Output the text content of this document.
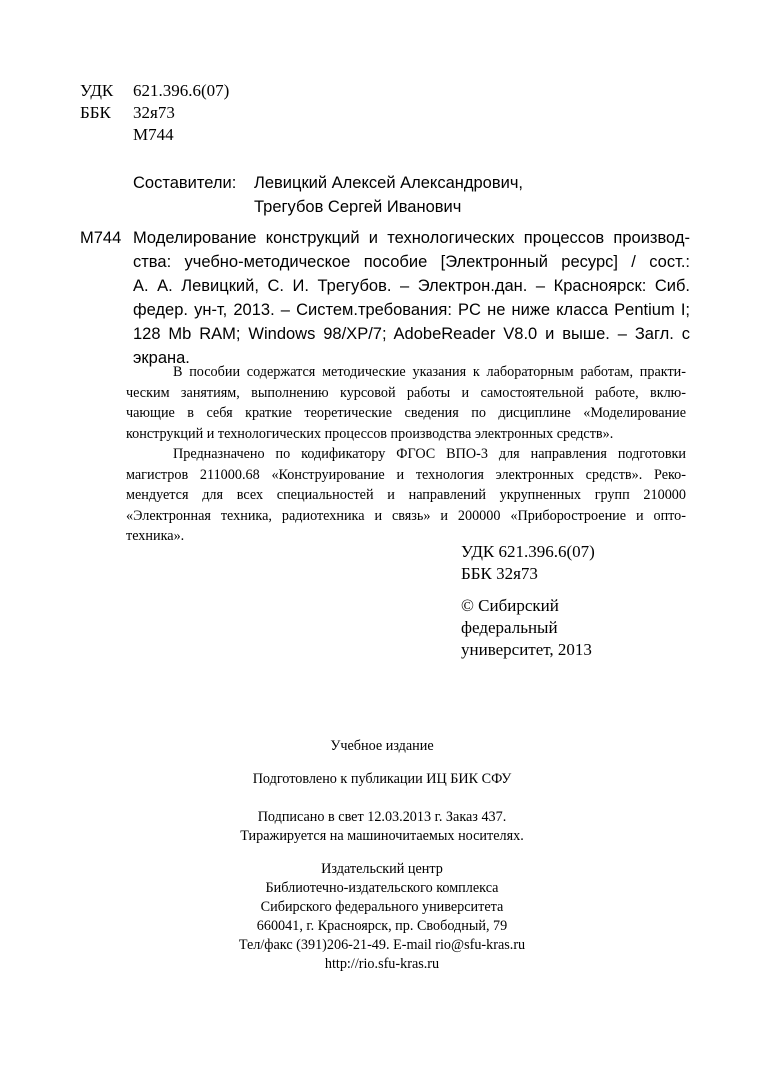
УДК 621.396.6(07)
ББК 32я73
М744
Составители: Левицкий Алексей Александрович,
Трегубов Сергей Иванович
М744 Моделирование конструкций и технологических процессов производ-
ства: учебно-методическое пособие [Электронный ресурс] / сост.:
А. А. Левицкий, С. И. Трегубов. – Электрон.дан. – Красноярск: Сиб.
федер. ун-т, 2013. – Систем.требования: PC не ниже класса Pentium I;
128 Mb RAM; Windows 98/XP/7; AdobeReader V8.0 и выше. – Загл. с
экрана.
В пособии содержатся методические указания к лабораторным работам, практи-
ческим занятиям, выполнению курсовой работы и самостоятельной работе, вклю-
чающие в себя краткие теоретические сведения по дисциплине «Моделирование
конструкций и технологических процессов производства электронных средств».
Предназначено по кодификатору ФГОС ВПО-3 для направления подготовки
магистров 211000.68 «Конструирование и технология электронных средств». Реко-
мендуется для всех специальностей и направлений укрупненных групп 210000
«Электронная техника, радиотехника и связь» и 200000 «Приборостроение и опто-
техника».
УДК 621.396.6(07)
ББК 32я73
© Сибирский
федеральный
университет, 2013
Учебное издание
Подготовлено к публикации ИЦ БИК СФУ
Подписано в свет 12.03.2013 г. Заказ 437.
Тиражируется на машиночитаемых носителях.
Издательский центр
Библиотечно-издательского комплекса
Сибирского федерального университета
660041, г. Красноярск, пр. Свободный, 79
Тел/факс (391)206-21-49. E-mail rio@sfu-kras.ru
http://rio.sfu-kras.ru
